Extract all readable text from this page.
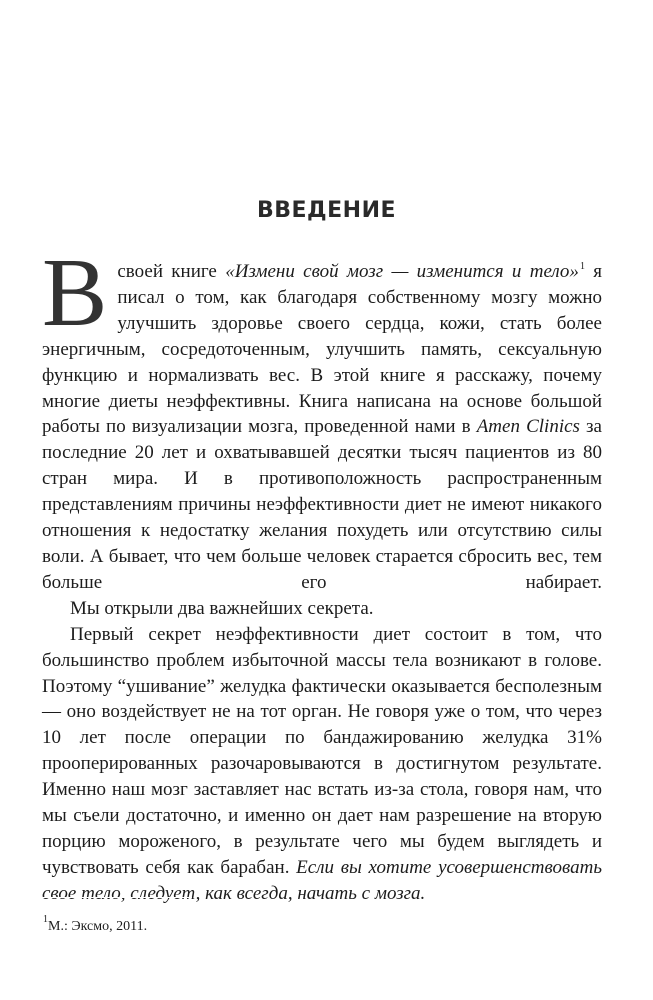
ВВЕДЕНИЕ

В своей книге «Измени свой мозг — изменится и тело»$^1$ я писал о том, как благодаря собственному мозгу можно улучшить здоровье своего сердца, кожи, стать более энергичным, сосредоточенным, улучшить память, сексуальную функцию и нормализвать вес. В этой книге я расскажу, почему многие диеты неэффективны. Книга написана на основе большой работы по визуализации мозга, проведенной нами в Amen Clinics за последние 20 лет и охватывавшей десятки тысяч пациентов из 80 стран мира. И в противоположность распространенным представлениям причины неэффективности диет не имеют никакого отношения к недостатку желания похудеть или отсутствию силы воли. А бывает, что чем больше человек старается сбросить вес, тем больше его набирает.

Мы открыли два важнейших секрета.

Первый секрет неэффективности диет состоит в том, что большинство проблем избыточной массы тела возникают в голове. Поэтому “ушивание” желудка фактически оказывается бесполезным — оно воздействует не на тот орган. Не говоря уже о том, что через 10 лет после операции по бандажированию желудка 31% прооперированных разочаровываются в достигнутом результате. Именно наш мозг заставляет нас встать из-за стола, говоря нам, что мы съели достаточно, и именно он дает нам разрешение на вторую порцию мороженого, в результате чего мы будем выглядеть и чувствовать себя как барабан. Если вы хотите усовершенствовать свое тело, следует, как всегда, начать с мозга.

$^1$М.: Эксмо, 2011.
